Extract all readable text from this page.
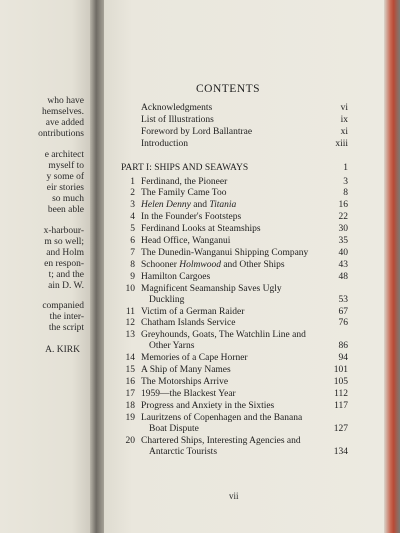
who have
hemselves.
ave added
ontributions
e architect
myself to
y some of
eir stories
so much
been able
x-harbour-
m so well;
and Holm
en respon-
t; and the
ain D. W.
companied
the inter-
the script
A. KIRK
CONTENTS
Acknowledgments	vi
List of Illustrations	ix
Foreword by Lord Ballantrae	xi
Introduction	xiii
PART I: SHIPS AND SEAWAYS	1
1 Ferdinand, the Pioneer	3
2 The Family Came Too	8
3 Helen Denny and Titania	16
4 In the Founder's Footsteps	22
5 Ferdinand Looks at Steamships	30
6 Head Office, Wanganui	35
7 The Dunedin-Wanganui Shipping Company	40
8 Schooner Holmwood and Other Ships	43
9 Hamilton Cargoes	48
10 Magnificent Seamanship Saves Ugly
Duckling	53
11 Victim of a German Raider	67
12 Chatham Islands Service	76
13 Greyhounds, Goats, The Watchlin Line and
Other Yarns	86
14 Memories of a Cape Horner	94
15 A Ship of Many Names	101
16 The Motorships Arrive	105
17 1959—the Blackest Year	112
18 Progress and Anxiety in the Sixties	117
19 Lauritzens of Copenhagen and the Banana
Boat Dispute	127
20 Chartered Ships, Interesting Agencies and
Antarctic Tourists	134
vii
